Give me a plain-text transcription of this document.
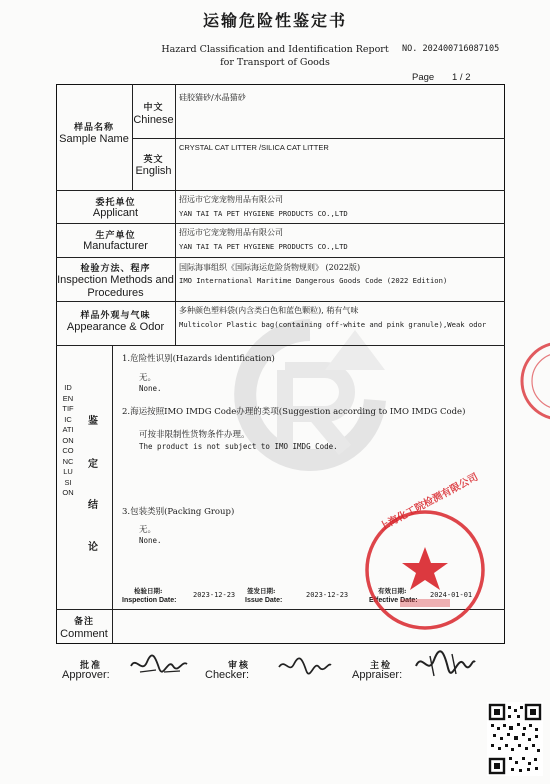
运输危险性鉴定书
Hazard Classification and Identification Report
for Transport of Goods
NO. 202400716087105
Page 1 / 2
样品名称
Sample Name
中文
Chinese
硅胶猫砂/水晶猫砂
英文
English
CRYSTAL CAT LITTER /SILICA CAT LITTER
委托单位
Applicant
招远市它宠宠物用品有限公司
YAN TAI TA PET HYGIENE PRODUCTS CO.,LTD
生产单位
Manufacturer
招远市它宠宠物用品有限公司
YAN TAI TA PET HYGIENE PRODUCTS CO.,LTD
检验方法、程序
Inspection Methods and
Procedures
国际海事组织《国际海运危险货物规则》 (2022版)
IMO International Maritime Dangerous Goods Code (2022 Edition)
样品外观与气味
Appearance & Odor
多种颜色塑料袋(内含类白色和蓝色颗粒), 稍有气味
Multicolor Plastic bag(containing off-white and pink granule),Weak odor
IDENTIFICATIONCONCLUSION
鉴
定
结
论
1.危险性识别(Hazards identification)
无。
None.
2.海运按照IMO IMDG Code办理的类项(Suggestion according to IMO IMDG Code)
可按非限制性货物条件办理。
The product is not subject to IMO IMDG Code.
3.包装类别(Packing Group)
无。
None.
检验日期:
Inspection Date:
2023-12-23 签发日期:
Issue Date:
2023-12-23	有效日期:
Effective Date:
2024-01-01
备注
Comment
上海化工院检测有限公司
批准
Approver:
审核
Checker:
主检
Appraiser:
